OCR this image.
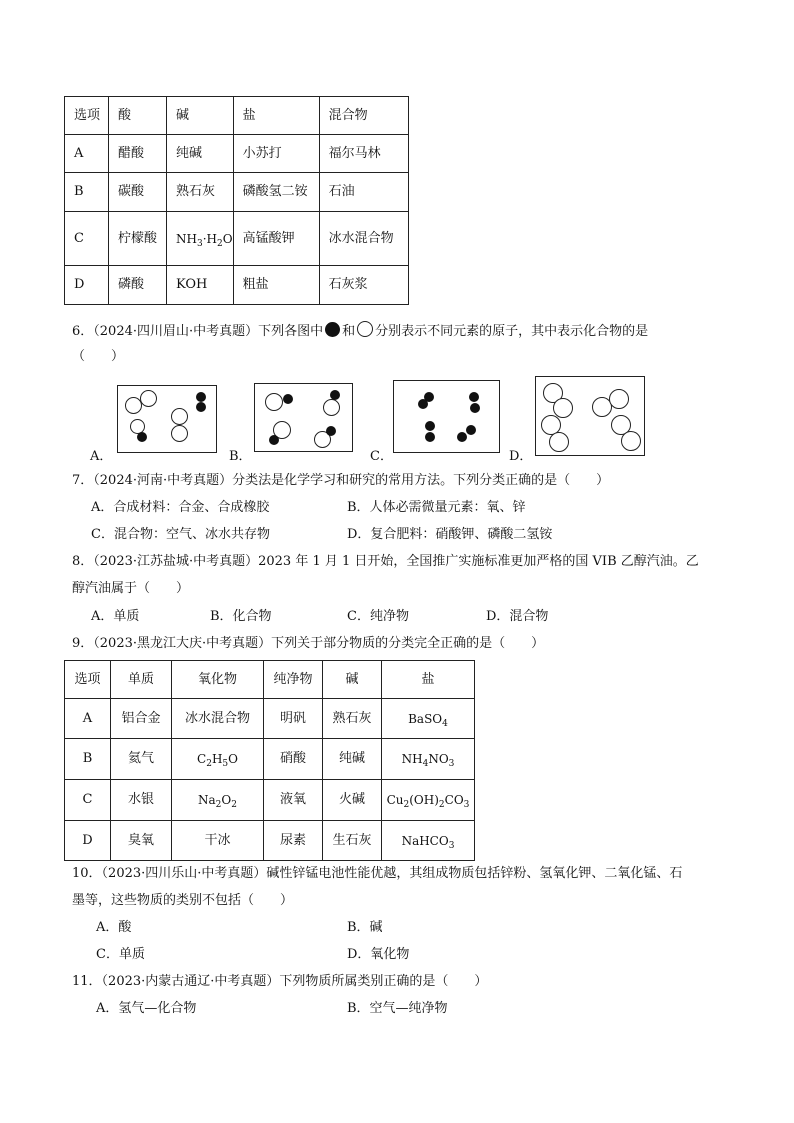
选项	酸	碱	盐	混合物
A	醋酸	纯碱	小苏打	福尔马林
B	碳酸	熟石灰	磷酸氢二铵	石油
C	柠檬酸	$NH_3\cdot H_2O$	高锰酸钾	冰水混合物
D	磷酸	KOH	粗盐	石灰浆
6．（2024·四川眉山·中考真题）下列各图中 和 分别表示不同元素的原子，其中表示化合物的是
（　　）
A．	B．	C．	D．
7．（2024·河南·中考真题）分类法是化学学习和研究的常用方法。下列分类正确的是（　　）
A．合成材料：合金、合成橡胶	B．人体必需微量元素：氧、锌
C．混合物：空气、冰水共存物	D．复合肥料：硝酸钾、磷酸二氢铵
8．（2023·江苏盐城·中考真题）2023 年 1 月 1 日开始，全国推广实施标准更加严格的国 VIB 乙醇汽油。乙
醇汽油属于（　　）
A．单质	B．化合物	C．纯净物	D．混合物
9．（2023·黑龙江大庆·中考真题）下列关于部分物质的分类完全正确的是（　　）
选项	单质	氧化物	纯净物	碱	盐
A	铝合金	冰水混合物	明矾	熟石灰	BaSO$_4$
B	氦气	$C_2H_5O$	硝酸	纯碱	$NH_4NO_3$
C	水银	$Na_2O_2$	液氧	火碱	$Cu_2(OH)_2CO_3$
D	臭氧	干冰	尿素	生石灰	NaHCO$_3$
10．（2023·四川乐山·中考真题）碱性锌锰电池性能优越，其组成物质包括锌粉、氢氧化钾、二氧化锰、石
墨等，这些物质的类别不包括（　　）
A．酸	B．碱
C．单质	D．氧化物
11．（2023·内蒙古通辽·中考真题）下列物质所属类别正确的是（　　）
A．氢气—化合物	B．空气—纯净物
